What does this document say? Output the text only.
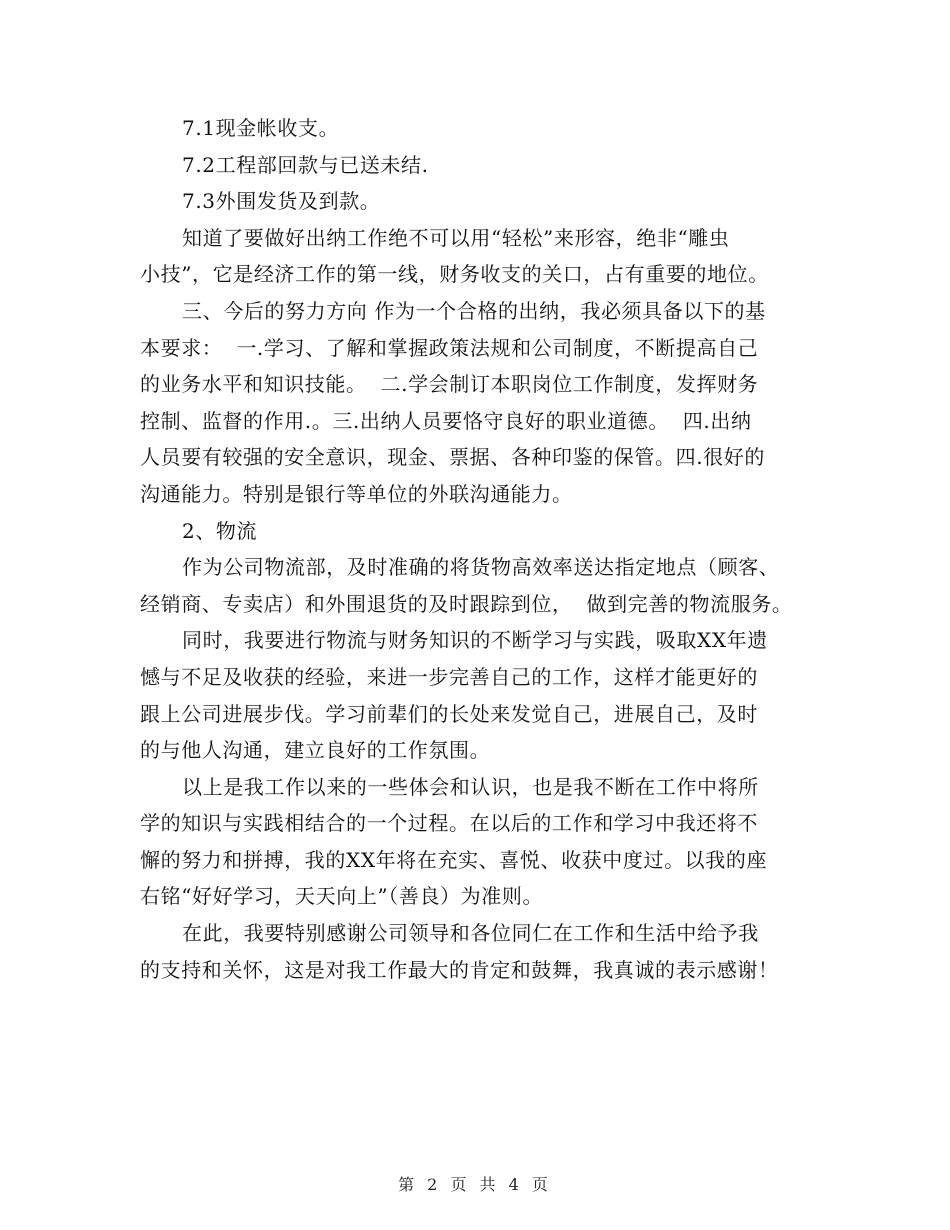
7.1现金帐收支。
7.2工程部回款与已送未结.
7.3外围发货及到款。
知道了要做好出纳工作绝不可以用“轻松”来形容，绝非“雕虫
小技”，它是经济工作的第一线，财务收支的关口，占有重要的地位。
三、今后的努力方向 作为一个合格的出纳，我必须具备以下的基
本要求：  一.学习、了解和掌握政策法规和公司制度，不断提高自己
的业务水平和知识技能。  二.学会制订本职岗位工作制度，发挥财务
控制、监督的作用.。三.出纳人员要恪守良好的职业道德。  四.出纳
人员要有较强的安全意识，现金、票据、各种印鉴的保管。四.很好的
沟通能力。特别是银行等单位的外联沟通能力。
2、物流
作为公司物流部，及时准确的将货物高效率送达指定地点（顾客、
经销商、专卖店）和外围退货的及时跟踪到位，  做到完善的物流服务。
同时，我要进行物流与财务知识的不断学习与实践，吸取XX年遗
憾与不足及收获的经验，来进一步完善自己的工作，这样才能更好的
跟上公司进展步伐。学习前辈们的长处来发觉自己，进展自己，及时
的与他人沟通，建立良好的工作氛围。
以上是我工作以来的一些体会和认识，也是我不断在工作中将所
学的知识与实践相结合的一个过程。在以后的工作和学习中我还将不
懈的努力和拼搏，我的XX年将在充实、喜悦、收获中度过。以我的座
右铭“好好学习，天天向上”（善良）为准则。
在此，我要特别感谢公司领导和各位同仁在工作和生活中给予我
的支持和关怀，这是对我工作最大的肯定和鼓舞，我真诚的表示感谢！
第 2 页 共 4 页
